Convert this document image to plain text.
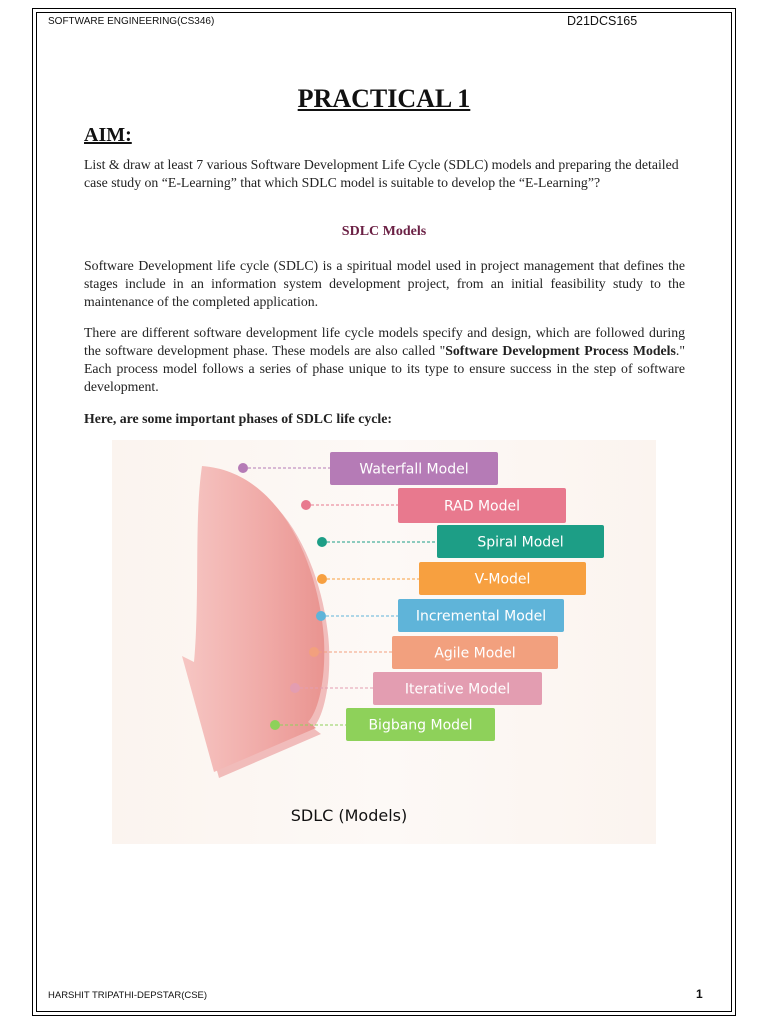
SOFTWARE ENGINEERING(CS346)	D21DCS165
PRACTICAL 1
AIM:
List & draw at least 7 various Software Development Life Cycle (SDLC) models and preparing the detailed case study on “E-Learning” that which SDLC model is suitable to develop the “E-Learning”?
SDLC Models
Software Development life cycle (SDLC) is a spiritual model used in project management that defines the stages include in an information system development project, from an initial feasibility study to the maintenance of the completed application.
There are different software development life cycle models specify and design, which are followed during the software development phase. These models are also called "Software Development Process Models." Each process model follows a series of phase unique to its type to ensure success in the step of software development.
Here, are some important phases of SDLC life cycle:
Waterfall Model
RAD Model
Spiral Model
V-Model
Incremental Model
Agile Model
Iterative Model
Bigbang Model
SDLC (Models)
HARSHIT TRIPATHI-DEPSTAR(CSE)	1
